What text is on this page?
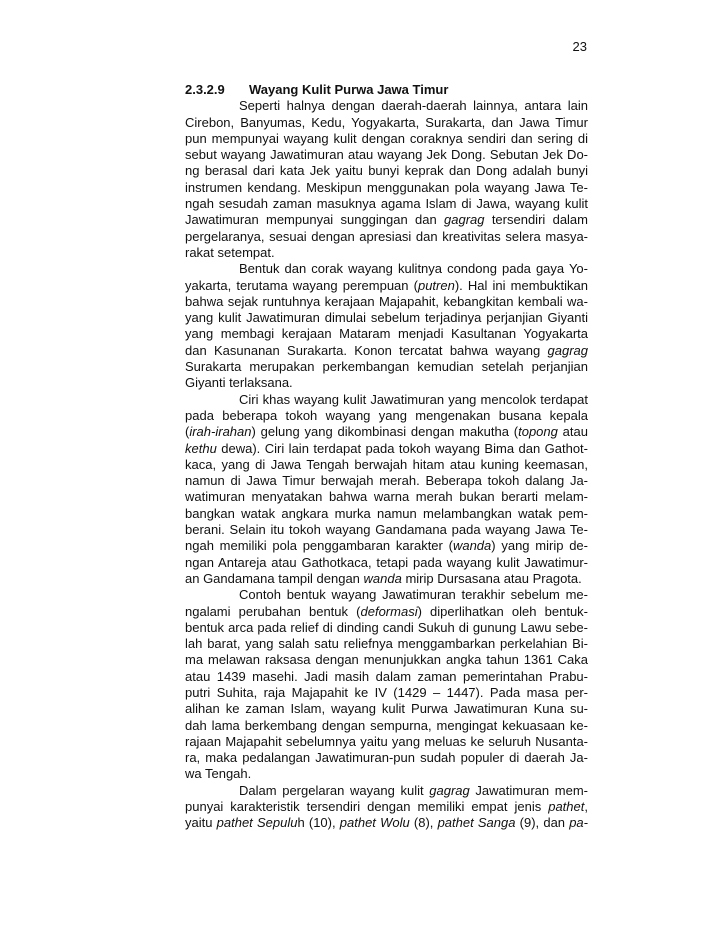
23
2.3.2.9	Wayang Kulit Purwa Jawa Timur
Seperti halnya dengan daerah-daerah lainnya, antara lain
Cirebon, Banyumas, Kedu, Yogyakarta, Surakarta, dan Jawa Timur
pun mempunyai wayang kulit dengan coraknya sendiri dan sering di
sebut wayang Jawatimuran atau wayang Jek Dong. Sebutan Jek Do-
ng berasal dari kata Jek yaitu bunyi keprak dan Dong adalah bunyi
instrumen kendang. Meskipun menggunakan pola wayang Jawa Te-
ngah sesudah zaman masuknya agama Islam di Jawa, wayang kulit
Jawatimuran mempunyai sunggingan dan gagrag tersendiri dalam
pergelaranya, sesuai dengan apresiasi dan kreativitas selera masya-
rakat setempat.
Bentuk dan corak wayang kulitnya condong pada gaya Yo-
yakarta, terutama wayang perempuan (putren). Hal ini membuktikan
bahwa sejak runtuhnya kerajaan Majapahit, kebangkitan kembali wa-
yang kulit Jawatimuran dimulai sebelum terjadinya perjanjian Giyanti
yang membagi kerajaan Mataram menjadi Kasultanan Yogyakarta
dan Kasunanan Surakarta. Konon tercatat bahwa wayang gagrag
Surakarta merupakan perkembangan kemudian setelah perjanjian
Giyanti terlaksana.
Ciri khas wayang kulit Jawatimuran yang mencolok terdapat
pada beberapa tokoh wayang yang mengenakan busana kepala
(irah-irahan) gelung yang dikombinasi dengan makutha (topong atau
kethu dewa). Ciri lain terdapat pada tokoh wayang Bima dan Gathot-
kaca, yang di Jawa Tengah berwajah hitam atau kuning keemasan,
namun di Jawa Timur berwajah merah. Beberapa tokoh dalang Ja-
watimuran menyatakan bahwa warna merah bukan berarti melam-
bangkan watak angkara murka namun melambangkan watak pem-
berani. Selain itu tokoh wayang Gandamana pada wayang Jawa Te-
ngah memiliki pola penggambaran karakter (wanda) yang mirip de-
ngan Antareja atau Gathotkaca, tetapi pada wayang kulit Jawatimur-
an Gandamana tampil dengan wanda mirip Dursasana atau Pragota.
Contoh bentuk wayang Jawatimuran terakhir sebelum me-
ngalami perubahan bentuk (deformasi) diperlihatkan oleh bentuk-
bentuk arca pada relief di dinding candi Sukuh di gunung Lawu sebe-
lah barat, yang salah satu reliefnya menggambarkan perkelahian Bi-
ma melawan raksasa dengan menunjukkan angka tahun 1361 Caka
atau 1439 masehi. Jadi masih dalam zaman pemerintahan Prabu-
putri Suhita, raja Majapahit ke IV (1429 – 1447). Pada masa per-
alihan ke zaman Islam, wayang kulit Purwa Jawatimuran Kuna su-
dah lama berkembang dengan sempurna, mengingat kekuasaan ke-
rajaan Majapahit sebelumnya yaitu yang meluas ke seluruh Nusanta-
ra, maka pedalangan Jawatimuran-pun sudah populer di daerah Ja-
wa Tengah.
Dalam pergelaran wayang kulit gagrag Jawatimuran mem-
punyai karakteristik tersendiri dengan memiliki empat jenis pathet,
yaitu pathet Sepuluh (10), pathet Wolu (8), pathet Sanga (9), dan pa-
